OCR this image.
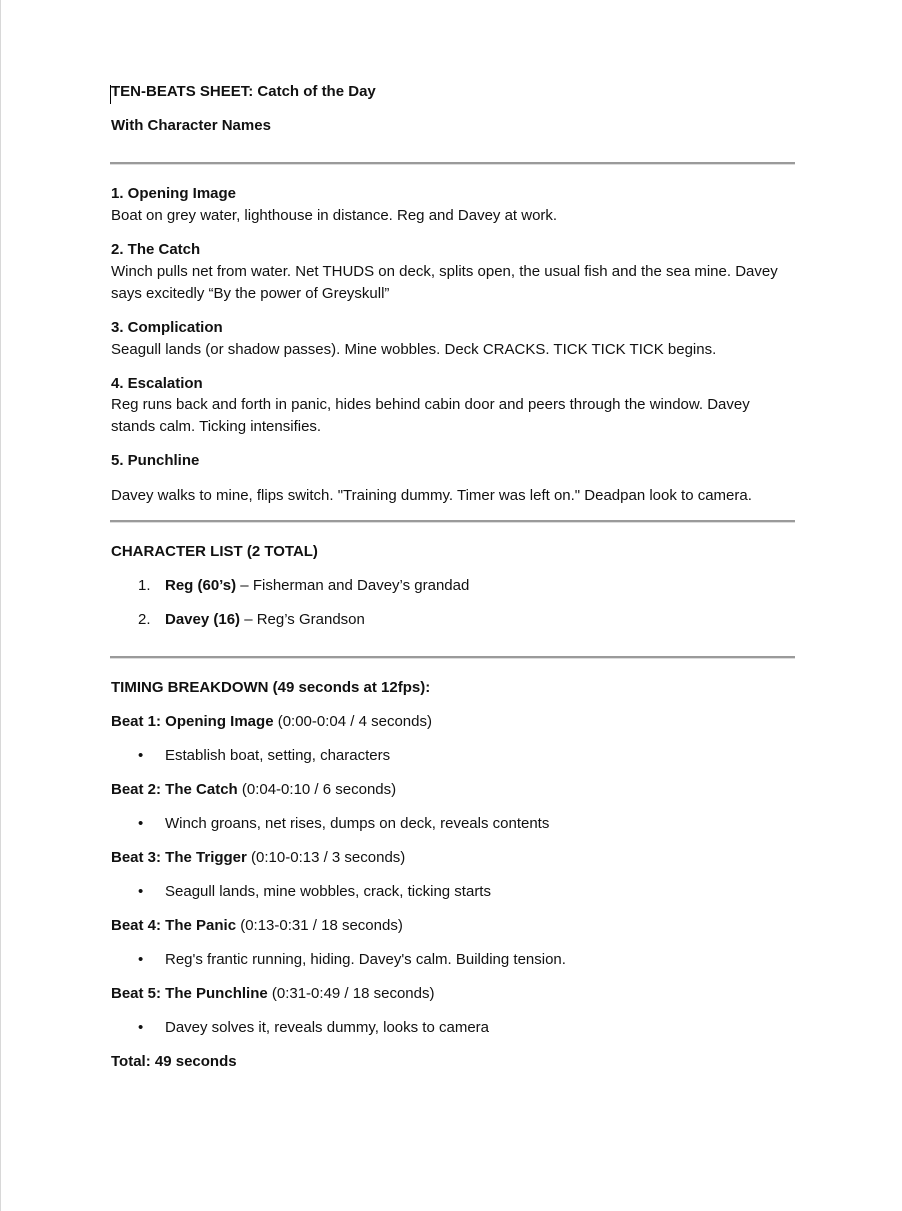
TEN-BEATS SHEET: Catch of the Day
With Character Names
1. Opening Image
Boat on grey water, lighthouse in distance. Reg and Davey at work.
2. The Catch
Winch pulls net from water. Net THUDS on deck, splits open, the usual fish and the sea mine. Davey
says excitedly “By the power of Greyskull”
3. Complication
Seagull lands (or shadow passes). Mine wobbles. Deck CRACKS. TICK TICK TICK begins.
4. Escalation
Reg runs back and forth in panic, hides behind cabin door and peers through the window. Davey
stands calm. Ticking intensifies.
5. Punchline
Davey walks to mine, flips switch. "Training dummy. Timer was left on." Deadpan look to camera.
CHARACTER LIST (2 TOTAL)
1. Reg (60’s) – Fisherman and Davey’s grandad
2. Davey (16) – Reg’s Grandson
TIMING BREAKDOWN (49 seconds at 12fps):
Beat 1: Opening Image (0:00-0:04 / 4 seconds)
• Establish boat, setting, characters
Beat 2: The Catch (0:04-0:10 / 6 seconds)
• Winch groans, net rises, dumps on deck, reveals contents
Beat 3: The Trigger (0:10-0:13 / 3 seconds)
• Seagull lands, mine wobbles, crack, ticking starts
Beat 4: The Panic (0:13-0:31 / 18 seconds)
• Reg's frantic running, hiding. Davey's calm. Building tension.
Beat 5: The Punchline (0:31-0:49 / 18 seconds)
• Davey solves it, reveals dummy, looks to camera
Total: 49 seconds
